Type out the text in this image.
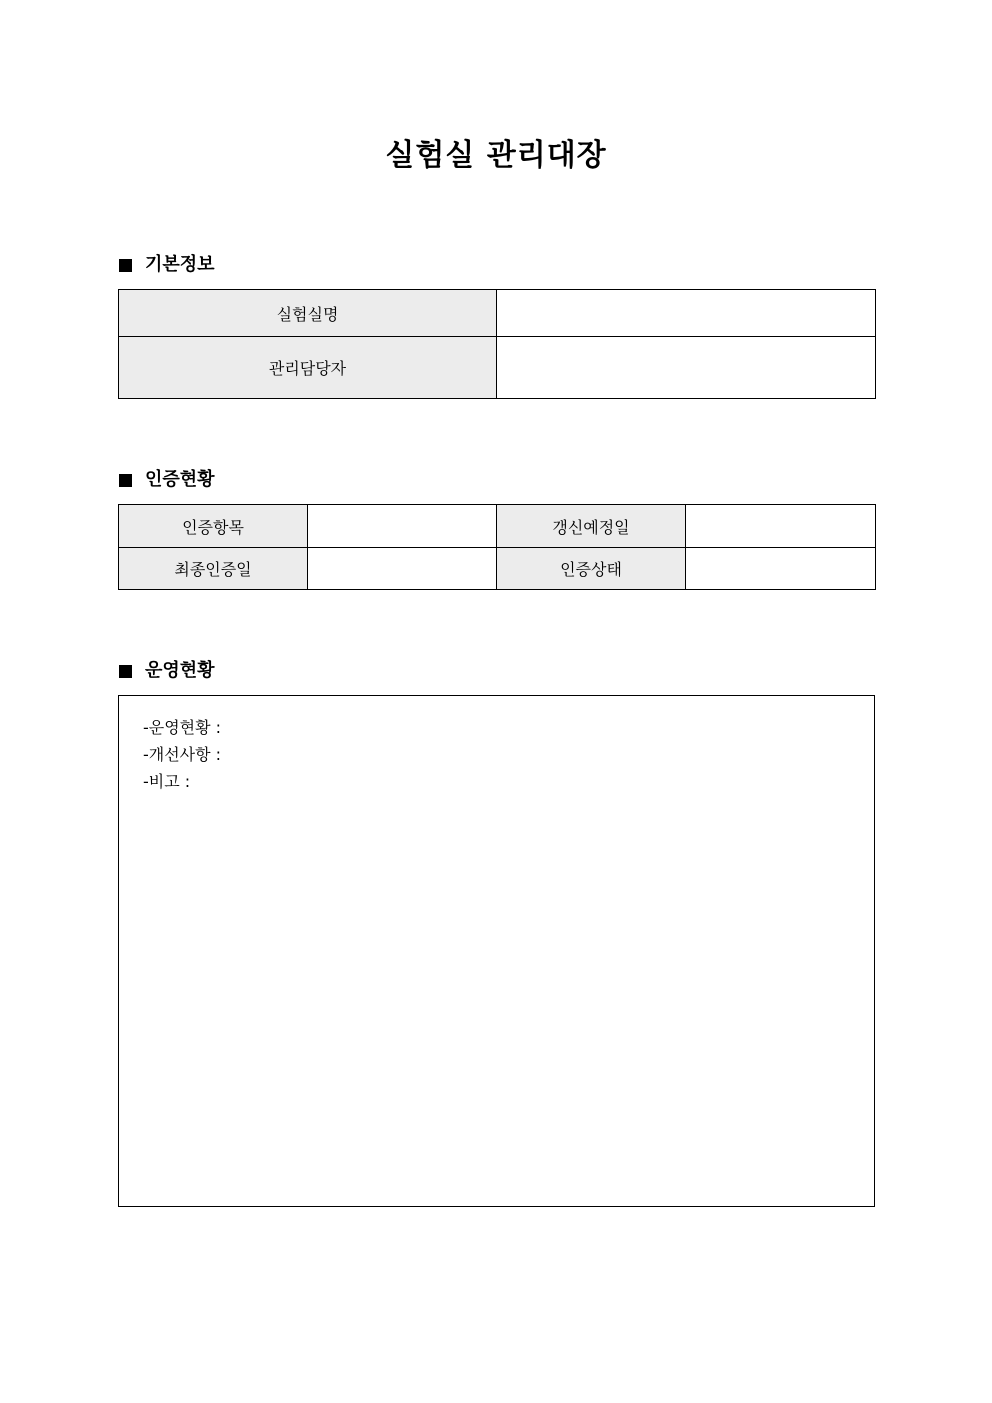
실험실 관리대장
기본정보
실험실명	
관리담당자	
인증현황
인증항목		갱신예정일	
최종인증일		인증상태	
운영현황
-운영현황 :
-개선사항 :
-비고 :
